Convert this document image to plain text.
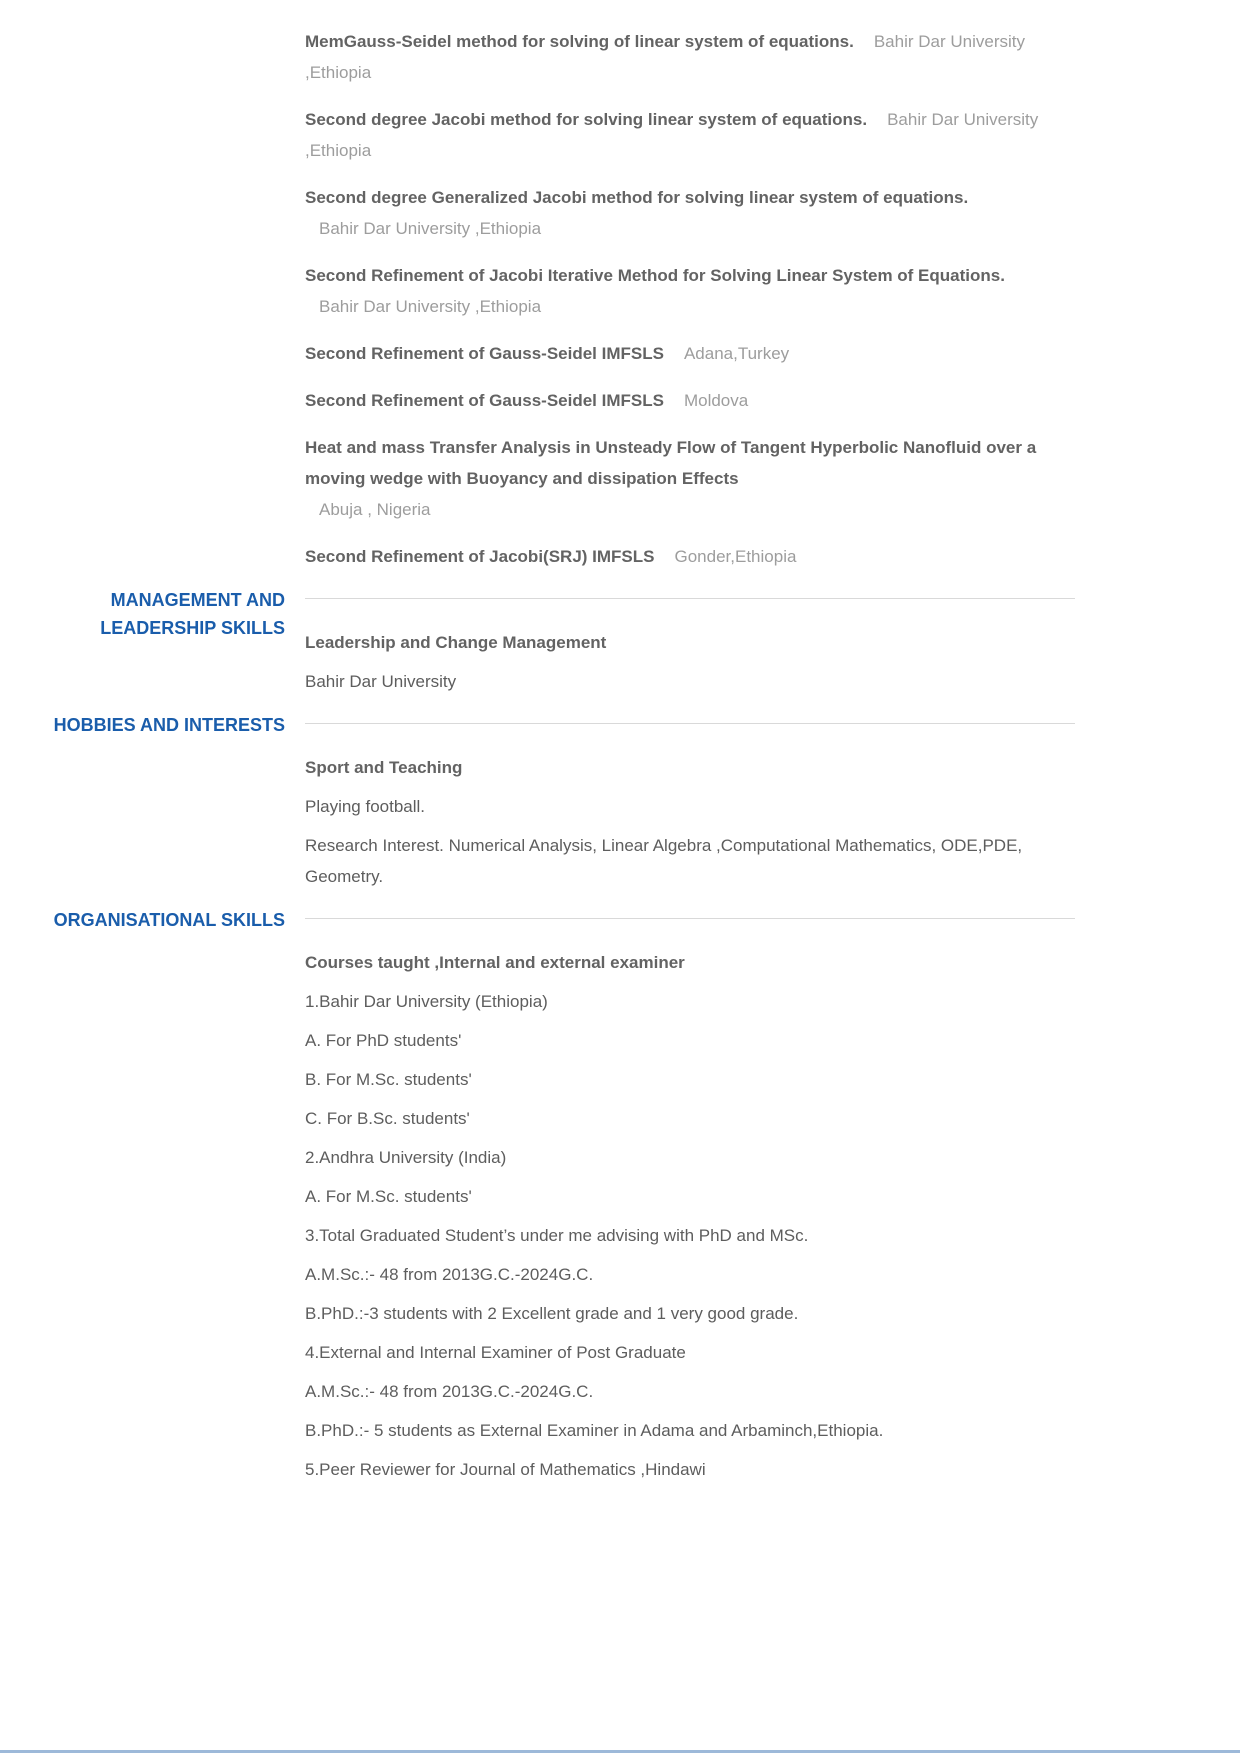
MemGauss-Seidel method for solving of linear system of equations. Bahir Dar University ,Ethiopia

Second degree Jacobi method for solving linear system of equations. Bahir Dar University ,Ethiopia

Second degree Generalized Jacobi method for solving linear system of equations.
Bahir Dar University ,Ethiopia

Second Refinement of Jacobi Iterative Method for Solving Linear System of Equations.
Bahir Dar University ,Ethiopia

Second Refinement of Gauss-Seidel IMFSLS Adana,Turkey

Second Refinement of Gauss-Seidel IMFSLS Moldova

Heat and mass Transfer Analysis in Unsteady Flow of Tangent Hyperbolic Nanofluid over a moving wedge with Buoyancy and dissipation Effects
Abuja , Nigeria

Second Refinement of Jacobi(SRJ) IMFSLS Gonder,Ethiopia

MANAGEMENT AND LEADERSHIP SKILLS

Leadership and Change Management

Bahir Dar University

HOBBIES AND INTERESTS

Sport and Teaching

Playing football.

Research Interest. Numerical Analysis, Linear Algebra ,Computational Mathematics, ODE,PDE, Geometry.

ORGANISATIONAL SKILLS

Courses taught ,Internal and external examiner

1.Bahir Dar University (Ethiopia)

A. For PhD students'

B. For M.Sc. students'

C. For B.Sc. students'

2.Andhra University (India)

A. For M.Sc. students'

3.Total Graduated Student’s under me advising with PhD and MSc.

A.M.Sc.:- 48 from 2013G.C.-2024G.C.

B.PhD.:-3 students with 2 Excellent grade and 1 very good grade.

4.External and Internal Examiner of Post Graduate

A.M.Sc.:- 48 from 2013G.C.-2024G.C.

B.PhD.:- 5 students as External Examiner in Adama and Arbaminch,Ethiopia.

5.Peer Reviewer for Journal of Mathematics ,Hindawi
